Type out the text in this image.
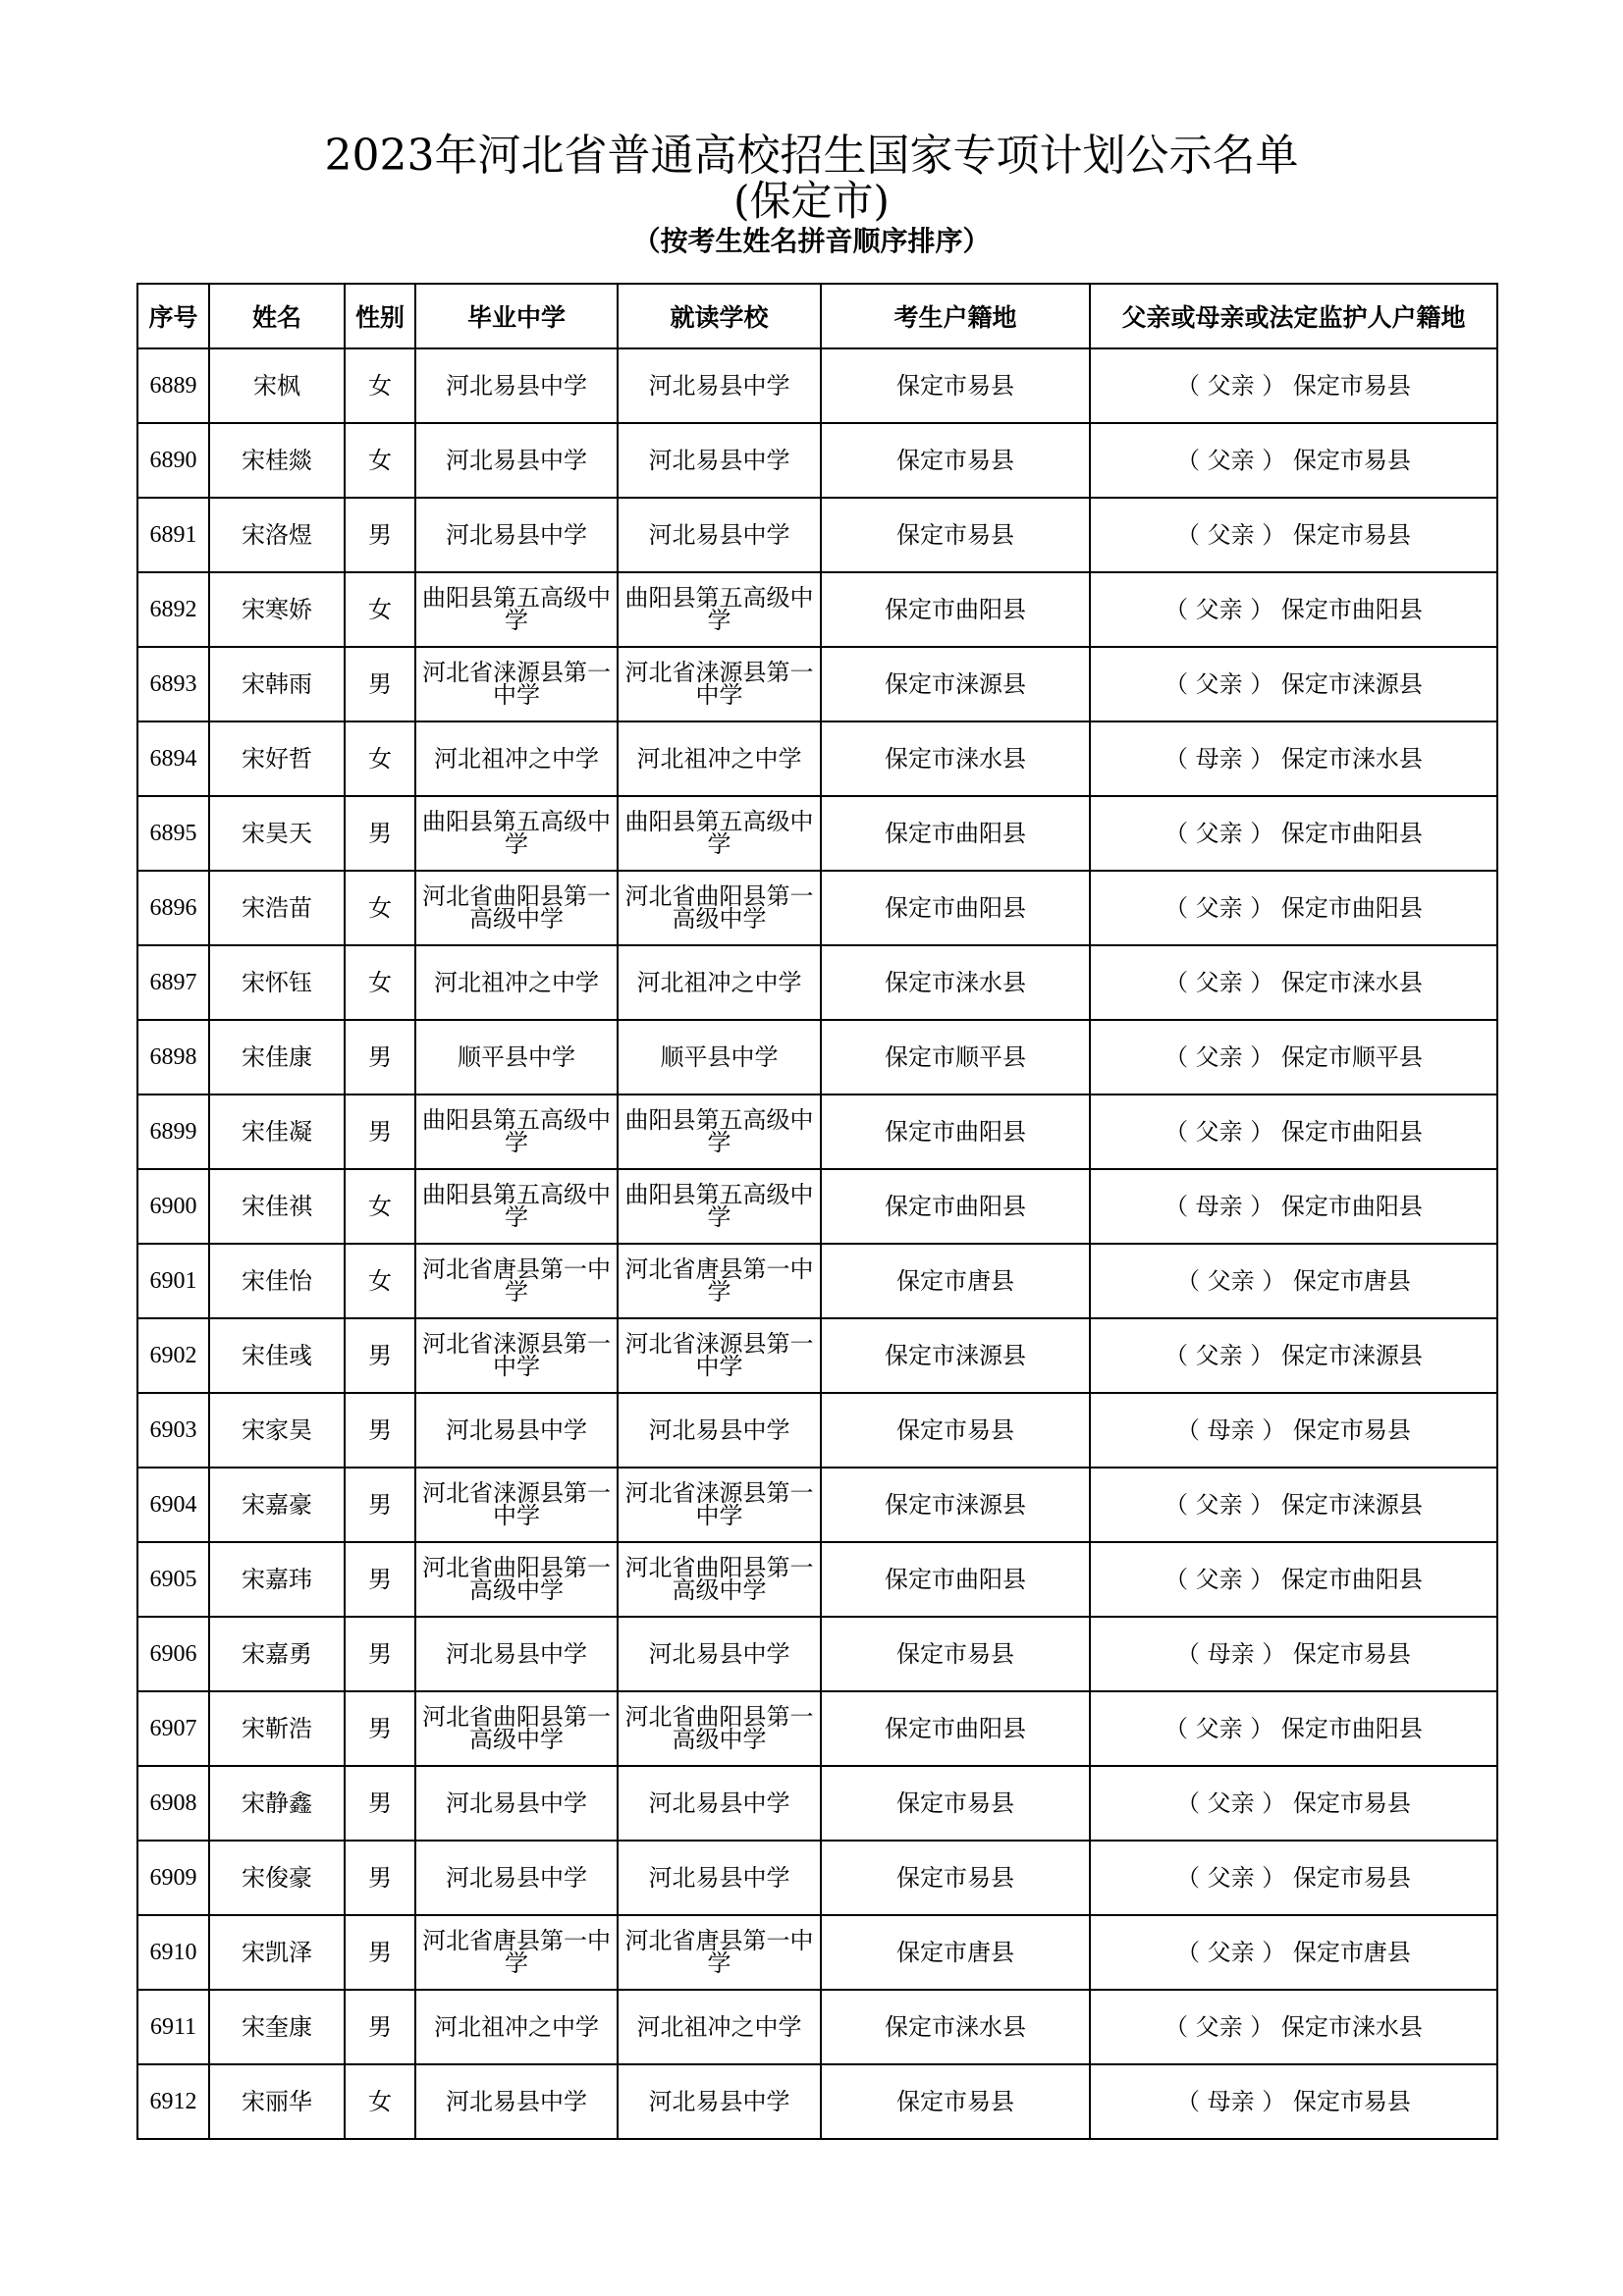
2023年河北省普通高校招生国家专项计划公示名单
(保定市)
（按考生姓名拼音顺序排序）
序号	姓名	性别	毕业中学	就读学校	考生户籍地	父亲或母亲或法定监护人户籍地
6889	宋枫	女	河北易县中学	河北易县中学	保定市易县	（ 父亲 ） 保定市易县
6890	宋桂燚	女	河北易县中学	河北易县中学	保定市易县	（ 父亲 ） 保定市易县
6891	宋洛煜	男	河北易县中学	河北易县中学	保定市易县	（ 父亲 ） 保定市易县
6892	宋寒娇	女	曲阳县第五高级中学	曲阳县第五高级中学	保定市曲阳县	（ 父亲 ） 保定市曲阳县
6893	宋韩雨	男	河北省涞源县第一中学	河北省涞源县第一中学	保定市涞源县	（ 父亲 ） 保定市涞源县
6894	宋好哲	女	河北祖冲之中学	河北祖冲之中学	保定市涞水县	（ 母亲 ） 保定市涞水县
6895	宋昊天	男	曲阳县第五高级中学	曲阳县第五高级中学	保定市曲阳县	（ 父亲 ） 保定市曲阳县
6896	宋浩苗	女	河北省曲阳县第一高级中学	河北省曲阳县第一高级中学	保定市曲阳县	（ 父亲 ） 保定市曲阳县
6897	宋怀钰	女	河北祖冲之中学	河北祖冲之中学	保定市涞水县	（ 父亲 ） 保定市涞水县
6898	宋佳康	男	顺平县中学	顺平县中学	保定市顺平县	（ 父亲 ） 保定市顺平县
6899	宋佳凝	男	曲阳县第五高级中学	曲阳县第五高级中学	保定市曲阳县	（ 父亲 ） 保定市曲阳县
6900	宋佳祺	女	曲阳县第五高级中学	曲阳县第五高级中学	保定市曲阳县	（ 母亲 ） 保定市曲阳县
6901	宋佳怡	女	河北省唐县第一中学	河北省唐县第一中学	保定市唐县	（ 父亲 ） 保定市唐县
6902	宋佳彧	男	河北省涞源县第一中学	河北省涞源县第一中学	保定市涞源县	（ 父亲 ） 保定市涞源县
6903	宋家昊	男	河北易县中学	河北易县中学	保定市易县	（ 母亲 ） 保定市易县
6904	宋嘉豪	男	河北省涞源县第一中学	河北省涞源县第一中学	保定市涞源县	（ 父亲 ） 保定市涞源县
6905	宋嘉玮	男	河北省曲阳县第一高级中学	河北省曲阳县第一高级中学	保定市曲阳县	（ 父亲 ） 保定市曲阳县
6906	宋嘉勇	男	河北易县中学	河北易县中学	保定市易县	（ 母亲 ） 保定市易县
6907	宋靳浩	男	河北省曲阳县第一高级中学	河北省曲阳县第一高级中学	保定市曲阳县	（ 父亲 ） 保定市曲阳县
6908	宋静鑫	男	河北易县中学	河北易县中学	保定市易县	（ 父亲 ） 保定市易县
6909	宋俊豪	男	河北易县中学	河北易县中学	保定市易县	（ 父亲 ） 保定市易县
6910	宋凯泽	男	河北省唐县第一中学	河北省唐县第一中学	保定市唐县	（ 父亲 ） 保定市唐县
6911	宋奎康	男	河北祖冲之中学	河北祖冲之中学	保定市涞水县	（ 父亲 ） 保定市涞水县
6912	宋丽华	女	河北易县中学	河北易县中学	保定市易县	（ 母亲 ） 保定市易县
